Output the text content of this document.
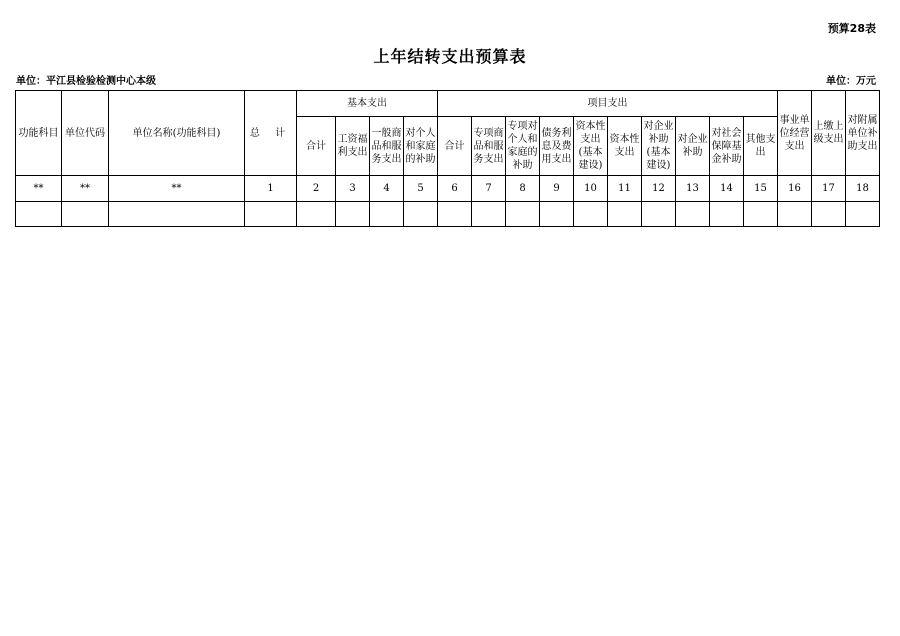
预算28表
上年结转支出预算表
单位：平江县检验检测中心本级	单位：万元
功能科目	单位代码	单位名称(功能科目)	总 计	基本支出				项目支出										事业单位经营支出	上缴上级支出	对附属单位补助支出
				合计	工资福利支出	一般商品和服务支出	对个人和家庭的补助	合计	专项商品和服务支出	专项对个人和家庭的补助	债务利息及费用支出	资本性支出(基本建设)	资本性支出	对企业补助(基本建设)	对企业补助	对社会保障基金补助	其他支出			
**	**	**	1	2	3	4	5	6	7	8	9	10	11	12	13	14	15	16	17	18
